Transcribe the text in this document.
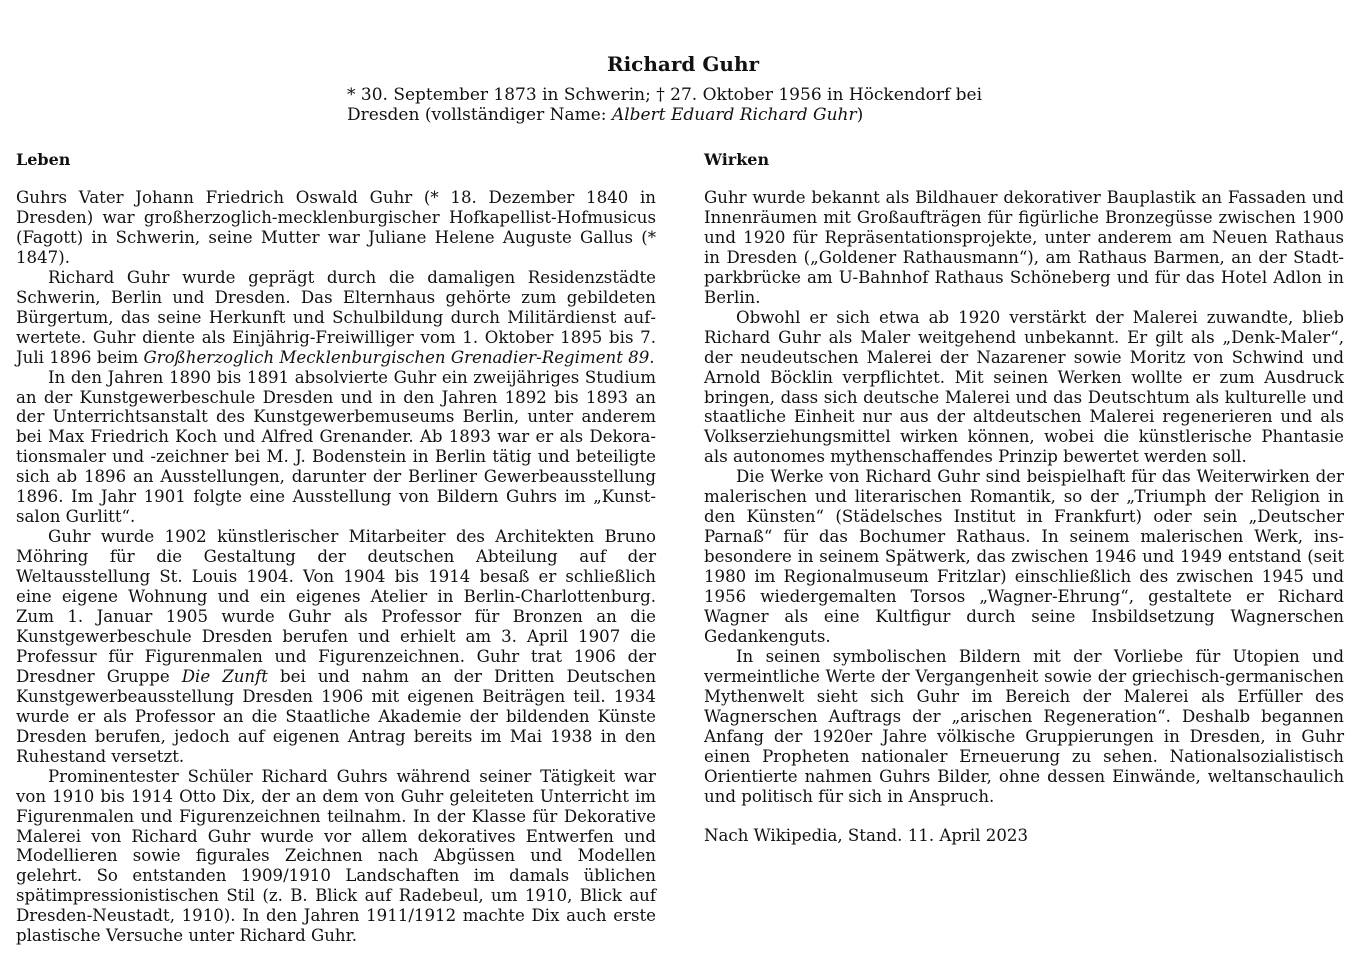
Richard Guhr

* 30. September 1873 in Schwerin; † 27. Oktober 1956 in Höckendorf bei

Dresden (vollständiger Name: Albert Eduard Richard Guhr)

Leben

Guhrs Vater Johann Friedrich Oswald Guhr (* 18. Dezember 1840 in Dresden) war großherzoglich-mecklenburgischer Hofkapellist-Hofmusicus (Fagott) in Schwerin, seine Mutter war Juliane Helene Auguste Gallus (* 1847).

Richard Guhr wurde geprägt durch die damaligen Residenzstädte Schwerin, Berlin und Dresden. Das Elternhaus gehörte zum gebildeten Bürgertum, das seine Herkunft und Schulbildung durch Militärdienst aufwertete. Guhr diente als Einjährig-Freiwilliger vom 1. Oktober 1895 bis 7. Juli 1896 beim Großherzoglich Mecklenburgischen Grenadier-Regiment 89.

In den Jahren 1890 bis 1891 absolvierte Guhr ein zweijähriges Studium an der Kunstgewerbeschule Dresden und in den Jahren 1892 bis 1893 an der Unterrichtsanstalt des Kunstgewerbemuseums Berlin, unter anderem bei Max Friedrich Koch und Alfred Grenander. Ab 1893 war er als Dekorationsmaler und -zeichner bei M. J. Bodenstein in Berlin tätig und beteiligte sich ab 1896 an Ausstellungen, darunter der Berliner Gewerbeausstellung 1896. Im Jahr 1901 folgte eine Ausstellung von Bildern Guhrs im „Kunstsalon Gurlitt“.

Guhr wurde 1902 künstlerischer Mitarbeiter des Architekten Bruno Möhring für die Gestaltung der deutschen Abteilung auf der Weltausstellung St. Louis 1904. Von 1904 bis 1914 besaß er schließlich eine eigene Wohnung und ein eigenes Atelier in Berlin-Charlottenburg. Zum 1. Januar 1905 wurde Guhr als Professor für Bronzen an die Kunstgewerbeschule Dresden berufen und erhielt am 3. April 1907 die Professur für Figurenmalen und Figurenzeichnen. Guhr trat 1906 der Dresdner Gruppe Die Zunft bei und nahm an der Dritten Deutschen Kunstgewerbeausstellung Dresden 1906 mit eigenen Beiträgen teil. 1934 wurde er als Professor an die Staatliche Akademie der bildenden Künste Dresden berufen, jedoch auf eigenen Antrag bereits im Mai 1938 in den Ruhestand versetzt.

Prominentester Schüler Richard Guhrs während seiner Tätigkeit war von 1910 bis 1914 Otto Dix, der an dem von Guhr geleiteten Unterricht im Figurenmalen und Figurenzeichnen teilnahm. In der Klasse für Dekorative Malerei von Richard Guhr wurde vor allem dekoratives Entwerfen und Modellieren sowie figurales Zeichnen nach Abgüssen und Modellen gelehrt. So entstanden 1909/1910 Landschaften im damals üblichen spätimpressionistischen Stil (z. B. Blick auf Radebeul, um 1910, Blick auf Dresden-Neustadt, 1910). In den Jahren 1911/1912 machte Dix auch erste plastische Versuche unter Richard Guhr.

Wirken

Guhr wurde bekannt als Bildhauer dekorativer Bauplastik an Fassaden und Innenräumen mit Großaufträgen für figürliche Bronzegüsse zwischen 1900 und 1920 für Repräsentationsprojekte, unter anderem am Neuen Rathaus in Dresden („Goldener Rathausmann“), am Rathaus Barmen, an der Stadtparkbrücke am U-Bahnhof Rathaus Schöneberg und für das Hotel Adlon in Berlin.

Obwohl er sich etwa ab 1920 verstärkt der Malerei zuwandte, blieb Richard Guhr als Maler weitgehend unbekannt. Er gilt als „Denk-Maler“, der neudeutschen Malerei der Nazarener sowie Moritz von Schwind und Arnold Böcklin verpflichtet. Mit seinen Werken wollte er zum Ausdruck bringen, dass sich deutsche Malerei und das Deutschtum als kulturelle und staatliche Einheit nur aus der altdeutschen Malerei regenerieren und als Volkserziehungsmittel wirken können, wobei die künstlerische Phantasie als autonomes mythenschaffendes Prinzip bewertet werden soll.

Die Werke von Richard Guhr sind beispielhaft für das Weiterwirken der malerischen und literarischen Romantik, so der „Triumph der Religion in den Künsten“ (Städelsches Institut in Frankfurt) oder sein „Deutscher Parnaß“ für das Bochumer Rathaus. In seinem malerischen Werk, insbesondere in seinem Spätwerk, das zwischen 1946 und 1949 entstand (seit 1980 im Regionalmuseum Fritzlar) einschließlich des zwischen 1945 und 1956 wiedergemalten Torsos „Wagner-Ehrung“, gestaltete er Richard Wagner als eine Kultfigur durch seine Insbildsetzung Wagnerschen Gedankenguts.

In seinen symbolischen Bildern mit der Vorliebe für Utopien und vermeintliche Werte der Vergangenheit sowie der griechisch-germanischen Mythenwelt sieht sich Guhr im Bereich der Malerei als Erfüller des Wagnerschen Auftrags der „arischen Regeneration“. Deshalb begannen Anfang der 1920er Jahre völkische Gruppierungen in Dresden, in Guhr einen Propheten nationaler Erneuerung zu sehen. Nationalsozialistisch Orientierte nahmen Guhrs Bilder, ohne dessen Einwände, weltanschaulich und politisch für sich in Anspruch.

Nach Wikipedia, Stand. 11. April 2023
